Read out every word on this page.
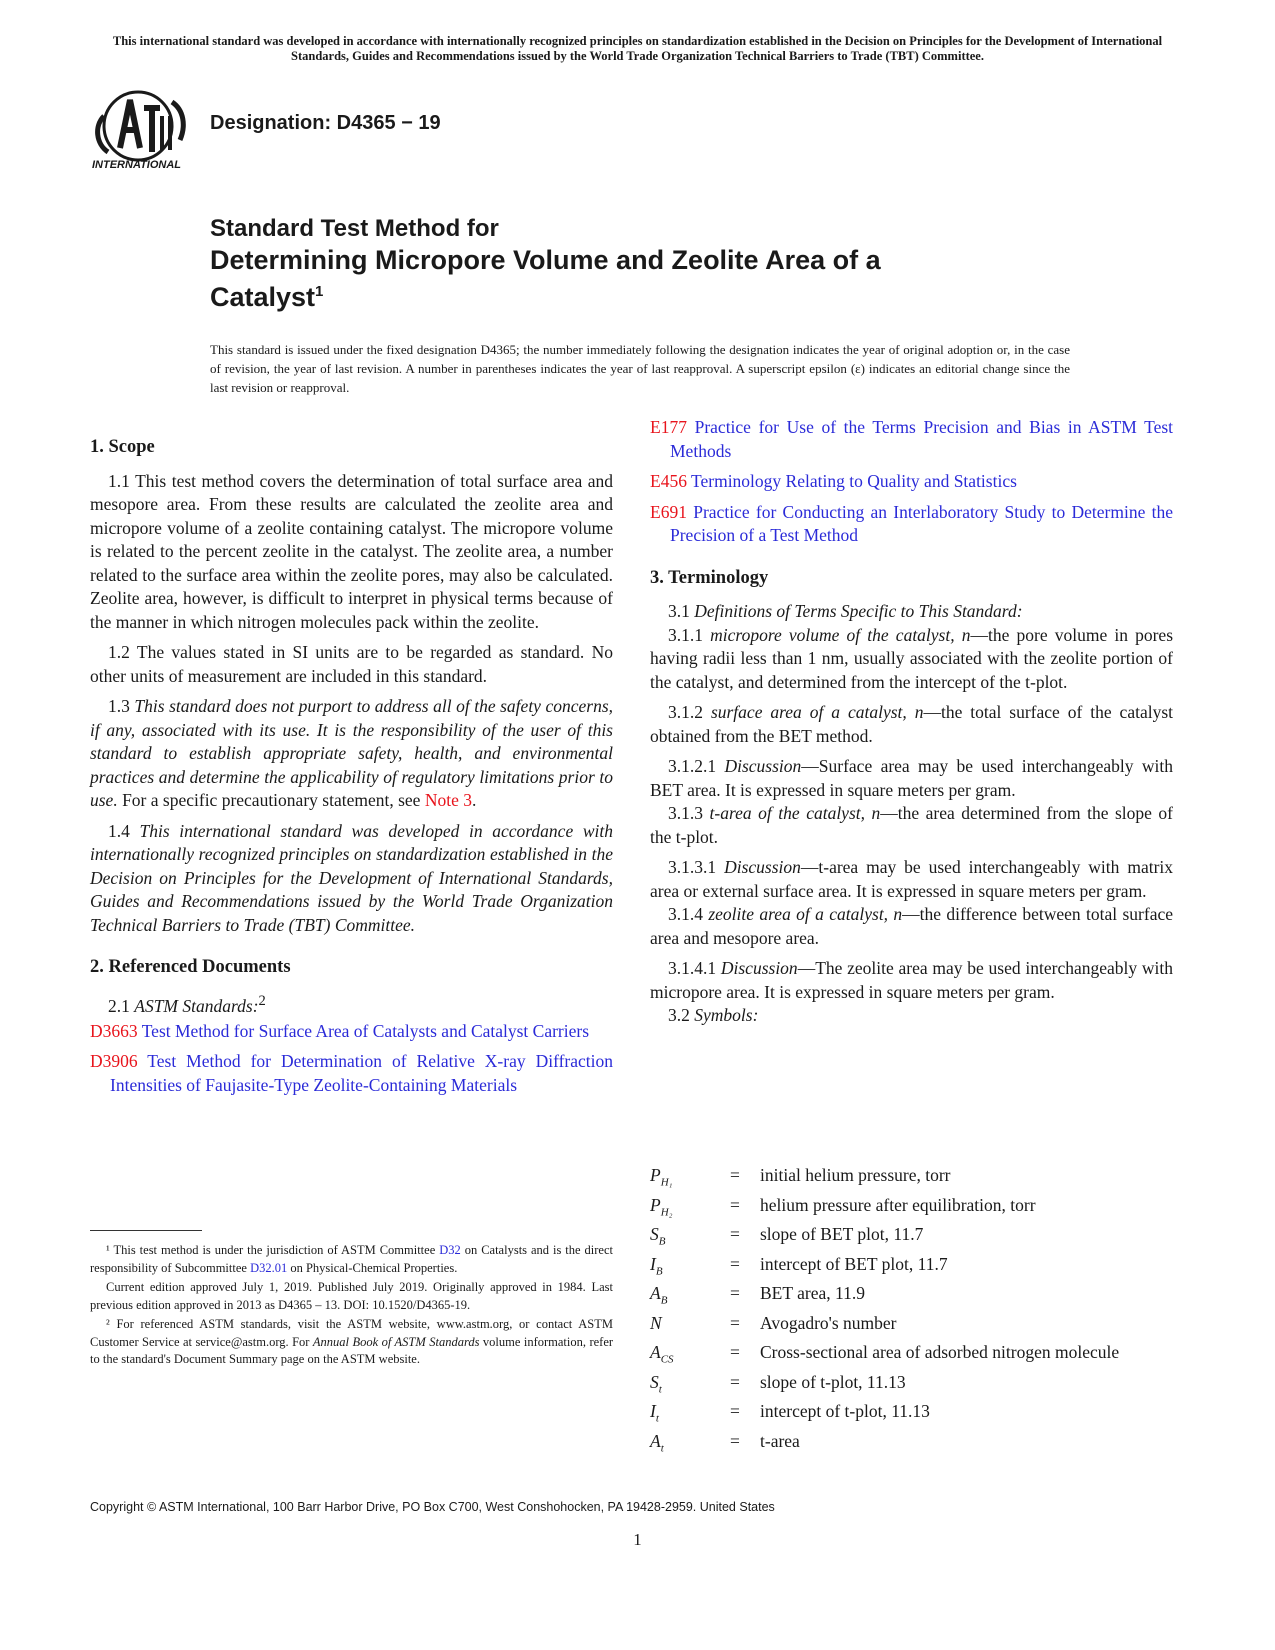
This international standard was developed in accordance with internationally recognized principles on standardization established in the Decision on Principles for the Development of International Standards, Guides and Recommendations issued by the World Trade Organization Technical Barriers to Trade (TBT) Committee.
INTERNATIONAL
Designation: D4365 − 19
Standard Test Method for
Determining Micropore Volume and Zeolite Area of a
Catalyst$^1$
This standard is issued under the fixed designation D4365; the number immediately following the designation indicates the year of original adoption or, in the case of revision, the year of last revision. A number in parentheses indicates the year of last reapproval. A superscript epsilon (ε) indicates an editorial change since the last revision or reapproval.
1. Scope

1.1 This test method covers the determination of total surface area and mesopore area. From these results are calculated the zeolite area and micropore volume of a zeolite containing catalyst. The micropore volume is related to the percent zeolite in the catalyst. The zeolite area, a number related to the surface area within the zeolite pores, may also be calculated. Zeolite area, however, is difficult to interpret in physical terms because of the manner in which nitrogen molecules pack within the zeolite.

1.2 The values stated in SI units are to be regarded as standard. No other units of measurement are included in this standard.

1.3 This standard does not purport to address all of the safety concerns, if any, associated with its use. It is the responsibility of the user of this standard to establish appropriate safety, health, and environmental practices and determine the applicability of regulatory limitations prior to use. For a specific precautionary statement, see Note 3.

1.4 This international standard was developed in accordance with internationally recognized principles on standardization established in the Decision on Principles for the Development of International Standards, Guides and Recommendations issued by the World Trade Organization Technical Barriers to Trade (TBT) Committee.

2. Referenced Documents

2.1 ASTM Standards:$^2$

D3663 Test Method for Surface Area of Catalysts and Catalyst Carriers

D3906 Test Method for Determination of Relative X-ray Diffraction Intensities of Faujasite-Type Zeolite-Containing Materials

¹ This test method is under the jurisdiction of ASTM Committee D32 on Catalysts and is the direct responsibility of Subcommittee D32.01 on Physical-Chemical Properties.

Current edition approved July 1, 2019. Published July 2019. Originally approved in 1984. Last previous edition approved in 2013 as D4365 – 13. DOI: 10.1520/D4365-19.

² For referenced ASTM standards, visit the ASTM website, www.astm.org, or contact ASTM Customer Service at service@astm.org. For Annual Book of ASTM Standards volume information, refer to the standard's Document Summary page on the ASTM website.

E177 Practice for Use of the Terms Precision and Bias in ASTM Test Methods

E456 Terminology Relating to Quality and Statistics

E691 Practice for Conducting an Interlaboratory Study to Determine the Precision of a Test Method

3. Terminology

3.1 Definitions of Terms Specific to This Standard:

3.1.1 micropore volume of the catalyst, n—the pore volume in pores having radii less than 1 nm, usually associated with the zeolite portion of the catalyst, and determined from the intercept of the t-plot.

3.1.2 surface area of a catalyst, n—the total surface of the catalyst obtained from the BET method.

3.1.2.1 Discussion—Surface area may be used interchangeably with BET area. It is expressed in square meters per gram.

3.1.3 t-area of the catalyst, n—the area determined from the slope of the t-plot.

3.1.3.1 Discussion—t-area may be used interchangeably with matrix area or external surface area. It is expressed in square meters per gram.

3.1.4 zeolite area of a catalyst, n—the difference between total surface area and mesopore area.

3.1.4.1 Discussion—The zeolite area may be used interchangeably with micropore area. It is expressed in square meters per gram.

3.2 Symbols:

$P_{H_1}$	=	initial helium pressure, torr
$P_{H_2}$	=	helium pressure after equilibration, torr
$S_B$	=	slope of BET plot, 11.7
$I_B$	=	intercept of BET plot, 11.7
$A_B$	=	BET area, 11.9
N	=	Avogadro's number
$A_{CS}$	=	Cross-sectional area of adsorbed nitrogen molecule
$S_t$	=	slope of t-plot, 11.13
$I_t$	=	intercept of t-plot, 11.13
$A_t$	=	t-area
Copyright © ASTM International, 100 Barr Harbor Drive, PO Box C700, West Conshohocken, PA 19428-2959. United States
1
